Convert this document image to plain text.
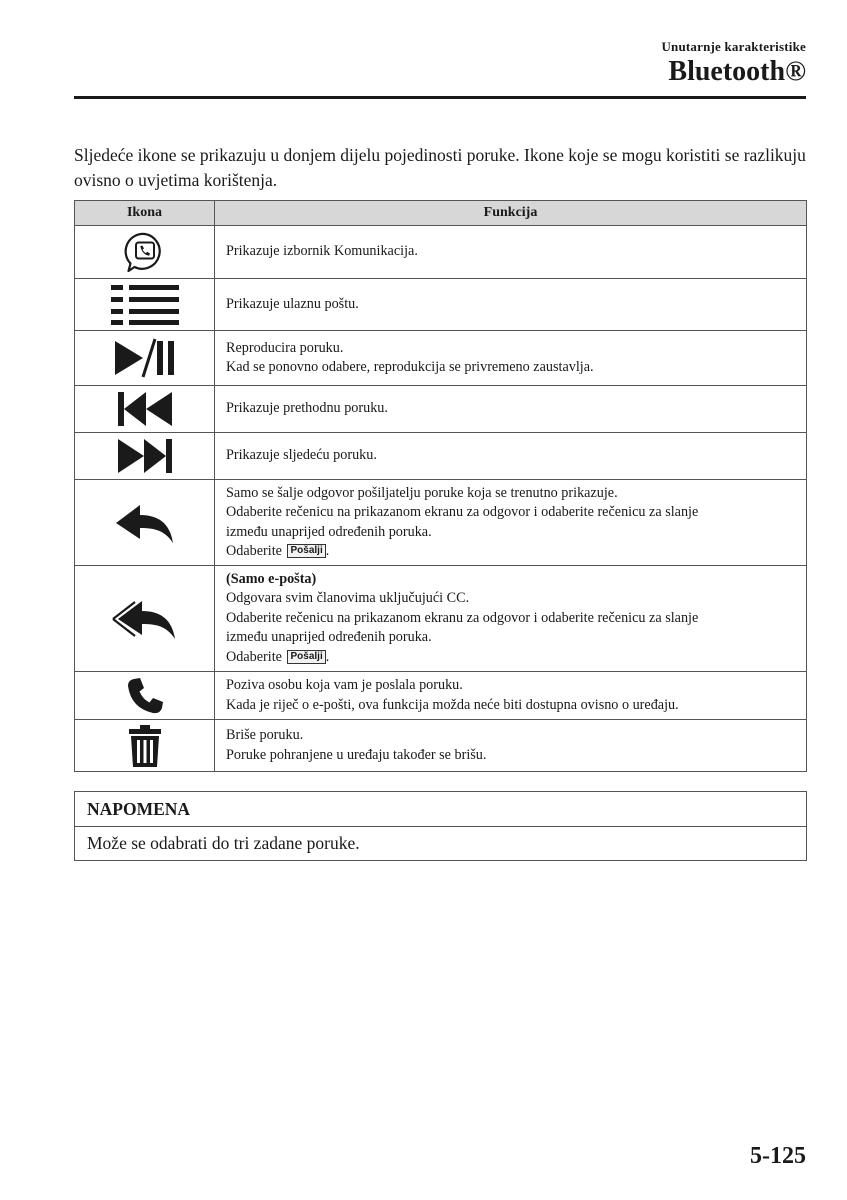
Unutarnje karakteristike
Bluetooth®

Sljedeće ikone se prikazuju u donjem dijelu pojedinosti poruke. Ikone koje se mogu koristiti se razlikuju ovisno o uvjetima korištenja.

Ikona	Funkcija

Prikazuje izbornik Komunikacija.

Prikazuje ulaznu poštu.

Reproducira poruku.
Kad se ponovno odabere, reprodukcija se privremeno zaustavlja.

Prikazuje prethodnu poruku.

Prikazuje sljedeću poruku.

Samo se šalje odgovor pošiljatelju poruke koja se trenutno prikazuje.
Odaberite rečenicu na prikazanom ekranu za odgovor i odaberite rečenicu za slanje
između unaprijed određenih poruka.
Odaberite Pošalji .

(Samo e-pošta)
Odgovara svim članovima uključujući CC.
Odaberite rečenicu na prikazanom ekranu za odgovor i odaberite rečenicu za slanje
između unaprijed određenih poruka.
Odaberite Pošalji .

Poziva osobu koja vam je poslala poruku.
Kada je riječ o e-pošti, ova funkcija možda neće biti dostupna ovisno o uređaju.

Briše poruku.
Poruke pohranjene u uređaju također se brišu.
NAPOMENA
Može se odabrati do tri zadane poruke.
5-125
